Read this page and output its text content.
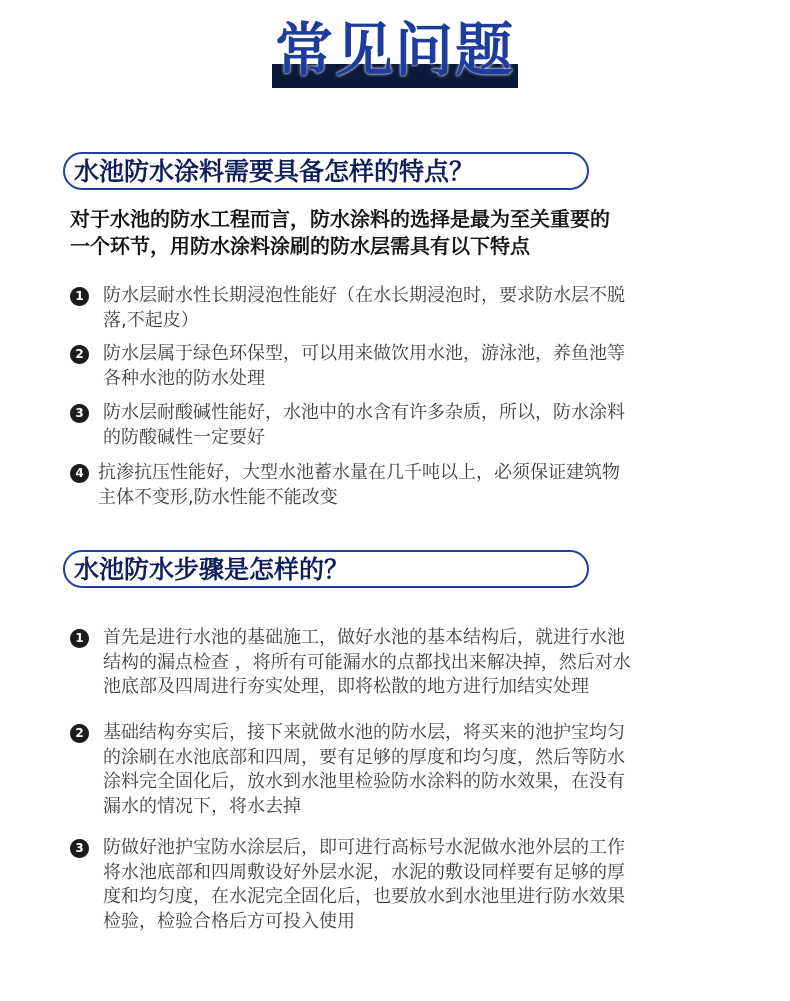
常见问题
水池防水涂料需要具备怎样的特点？
对于水池的防水工程而言，防水涂料的选择是最为至关重要的
一个环节，用防水涂料涂刷的防水层需具有以下特点
1 防水层耐水性长期浸泡性能好（在水长期浸泡时，要求防水层不脱
落,不起皮）
2 防水层属于绿色环保型，可以用来做饮用水池，游泳池，养鱼池等
各种水池的防水处理
3 防水层耐酸碱性能好，水池中的水含有许多杂质，所以，防水涂料
的防酸碱性一定要好
4 抗渗抗压性能好，大型水池蓄水量在几千吨以上，必须保证建筑物
主体不变形,防水性能不能改变
水池防水步骤是怎样的？
1 首先是进行水池的基础施工，做好水池的基本结构后，就进行水池
结构的漏点检查 ，将所有可能漏水的点都找出来解决掉，然后对水
池底部及四周进行夯实处理，即将松散的地方进行加结实处理
2 基础结构夯实后，接下来就做水池的防水层，将买来的池护宝均匀
的涂刷在水池底部和四周，要有足够的厚度和均匀度，然后等防水
涂料完全固化后，放水到水池里检验防水涂料的防水效果，在没有
漏水的情况下，将水去掉
3 防做好池护宝防水涂层后，即可进行高标号水泥做水池外层的工作
将水池底部和四周敷设好外层水泥，水泥的敷设同样要有足够的厚
度和均匀度，在水泥完全固化后，也要放水到水池里进行防水效果
检验，检验合格后方可投入使用
